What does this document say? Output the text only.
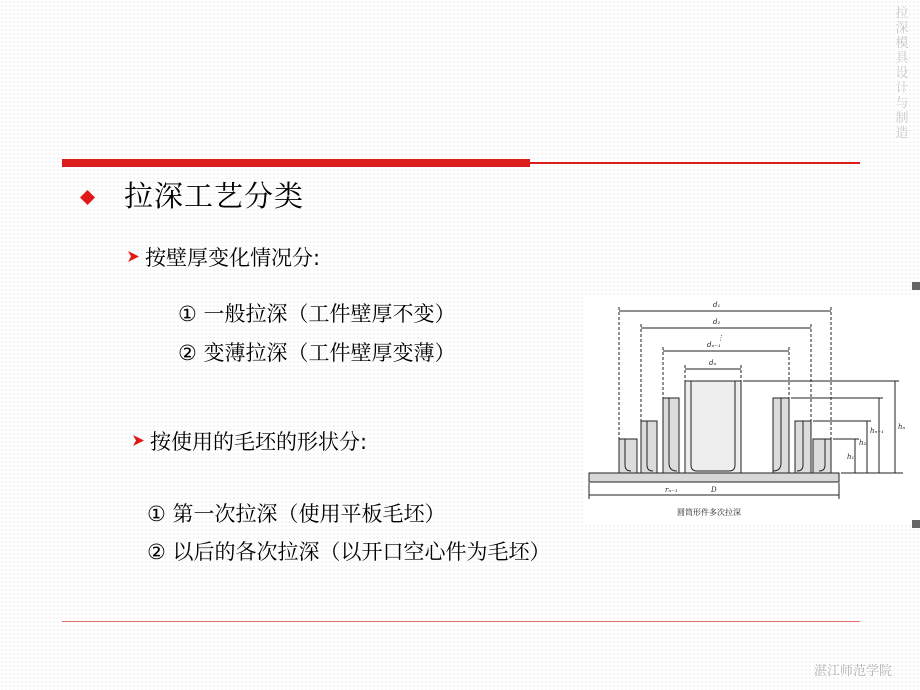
拉深模具设计与制造
拉深工艺分类
按壁厚变化情况分:
① 一般拉深（工件壁厚不变）
② 变薄拉深（工件壁厚变薄）
按使用的毛坯的形状分:
① 第一次拉深（使用平板毛坯）
② 以后的各次拉深（以开口空心件为毛坯）
d₁
d₂
⋮
dₙ₋₁
dₙ
D
rₙ₋₁
h₁
h₂
hₙ₋₁ hₙ
圆筒形件多次拉深
湛江师范学院
